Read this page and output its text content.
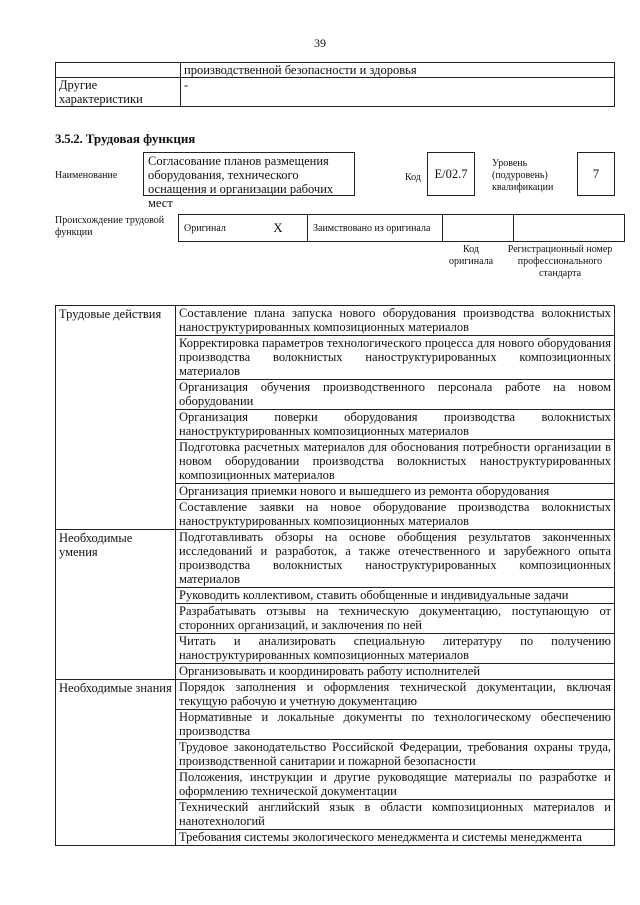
39
	производственной безопасности и здоровья
Другие характеристики	-
3.5.2. Трудовая функция
Наименование
Согласование планов размещения оборудования, технического оснащения и организации рабочих мест
Код	E/02.7
Уровень (подуровень) квалификации
7
Происхождение трудовой функции	Оригинал	X	Заимствовано из оригинала		
Код оригинала
Регистрационный номер профессионального стандарта
Трудовые действия	Составление плана запуска нового оборудования производства волокнистых наноструктурированных композиционных материалов
	Корректировка параметров технологического процесса для нового оборудования производства волокнистых наноструктурированных композиционных материалов
	Организация обучения производственного персонала работе на новом оборудовании
	Организация поверки оборудования производства волокнистых наноструктурированных композиционных материалов
	Подготовка расчетных материалов для обоснования потребности организации в новом оборудовании производства волокнистых наноструктурированных композиционных материалов
	Организация приемки нового и вышедшего из ремонта оборудования
	Составление заявки на новое оборудование производства волокнистых наноструктурированных композиционных материалов
Необходимые умения	Подготавливать обзоры на основе обобщения результатов законченных исследований и разработок, а также отечественного и зарубежного опыта производства волокнистых наноструктурированных композиционных материалов
	Руководить коллективом, ставить обобщенные и индивидуальные задачи
	Разрабатывать отзывы на техническую документацию, поступающую от сторонних организаций, и заключения по ней
	Читать и анализировать специальную литературу по получению наноструктурированных композиционных материалов
	Организовывать и координировать работу исполнителей
Необходимые знания	Порядок заполнения и оформления технической документации, включая текущую рабочую и учетную документацию
	Нормативные и локальные документы по технологическому обеспечению производства
	Трудовое законодательство Российской Федерации, требования охраны труда, производственной санитарии и пожарной безопасности
	Положения, инструкции и другие руководящие материалы по разработке и оформлению технической документации
	Технический английский язык в области композиционных материалов и нанотехнологий
	Требования системы экологического менеджмента и системы менеджмента
